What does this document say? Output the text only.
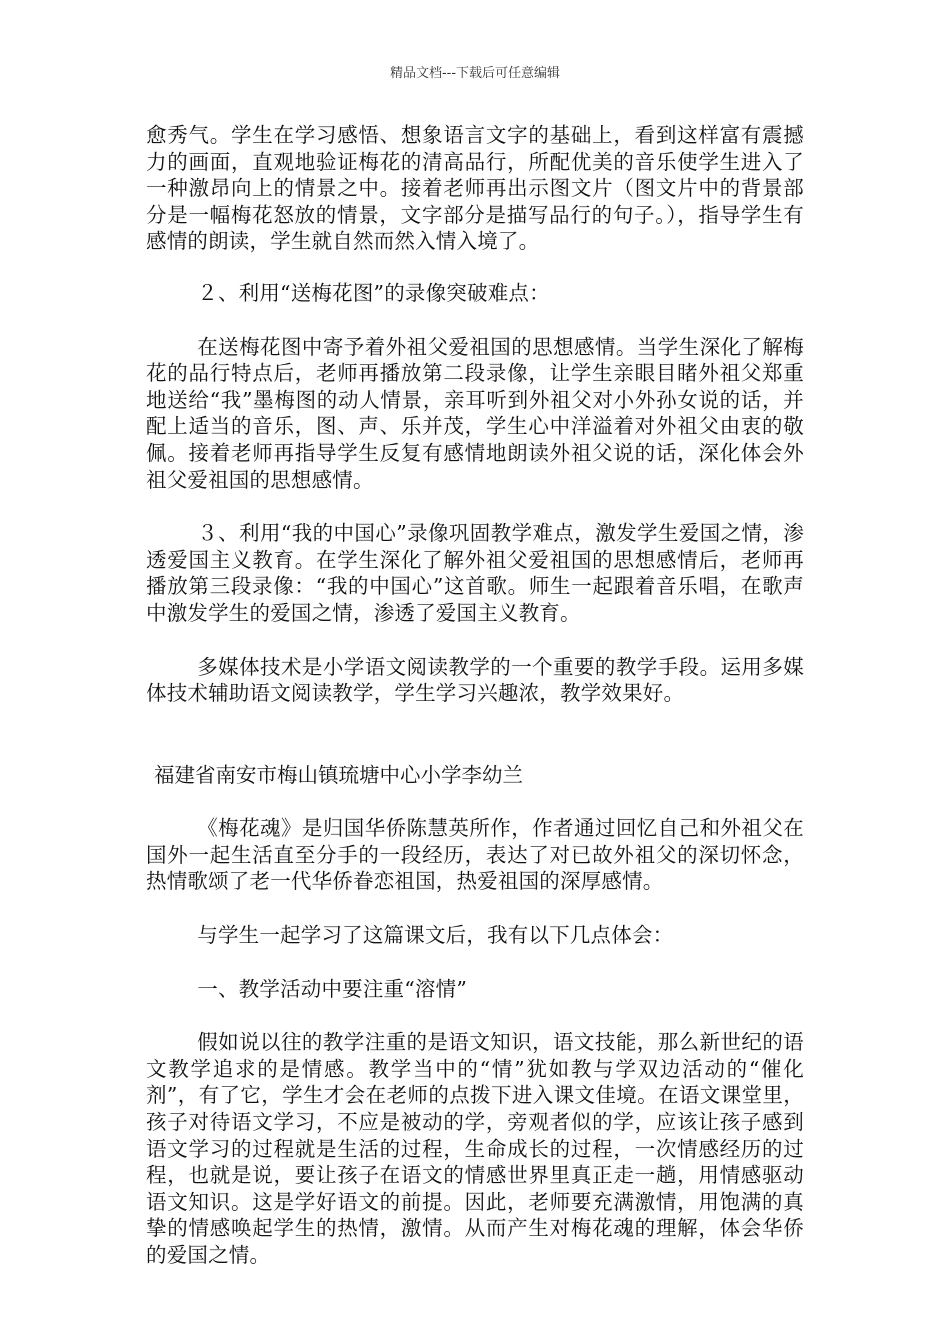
精品文档---下载后可任意编辑

愈秀气。学生在学习感悟、想象语言文字的基础上，看到这样富有震撼力的画面，直观地验证梅花的清高品行，所配优美的音乐使学生进入了一种激昂向上的情景之中。接着老师再出示图文片（图文片中的背景部分是一幅梅花怒放的情景，文字部分是描写品行的句子。），指导学生有感情的朗读，学生就自然而然入情入境了。

２、利用“送梅花图”的录像突破难点：

在送梅花图中寄予着外祖父爱祖国的思想感情。当学生深化了解梅花的品行特点后，老师再播放第二段录像，让学生亲眼目睹外祖父郑重地送给“我”墨梅图的动人情景，亲耳听到外祖父对小外孙女说的话，并配上适当的音乐，图、声、乐并茂，学生心中洋溢着对外祖父由衷的敬佩。接着老师再指导学生反复有感情地朗读外祖父说的话，深化体会外祖父爱祖国的思想感情。

３、利用“我的中国心”录像巩固教学难点，激发学生爱国之情，渗透爱国主义教育。在学生深化了解外祖父爱祖国的思想感情后，老师再播放第三段录像：“我的中国心”这首歌。师生一起跟着音乐唱，在歌声中激发学生的爱国之情，渗透了爱国主义教育。

多媒体技术是小学语文阅读教学的一个重要的教学手段。运用多媒体技术辅助语文阅读教学，学生学习兴趣浓，教学效果好。

福建省南安市梅山镇琉塘中心小学李幼兰

《梅花魂》是归国华侨陈慧英所作，作者通过回忆自己和外祖父在国外一起生活直至分手的一段经历，表达了对已故外祖父的深切怀念，热情歌颂了老一代华侨眷恋祖国，热爱祖国的深厚感情。

与学生一起学习了这篇课文后，我有以下几点体会：

一、教学活动中要注重“溶情”

假如说以往的教学注重的是语文知识，语文技能，那么新世纪的语文教学追求的是情感。教学当中的“情”犹如教与学双边活动的“催化剂”，有了它，学生才会在老师的点拨下进入课文佳境。在语文课堂里，孩子对待语文学习，不应是被动的学，旁观者似的学，应该让孩子感到语文学习的过程就是生活的过程，生命成长的过程，一次情感经历的过程，也就是说，要让孩子在语文的情感世界里真正走一趟，用情感驱动语文知识。这是学好语文的前提。因此，老师要充满激情，用饱满的真挚的情感唤起学生的热情，激情。从而产生对梅花魂的理解，体会华侨的爱国之情。
